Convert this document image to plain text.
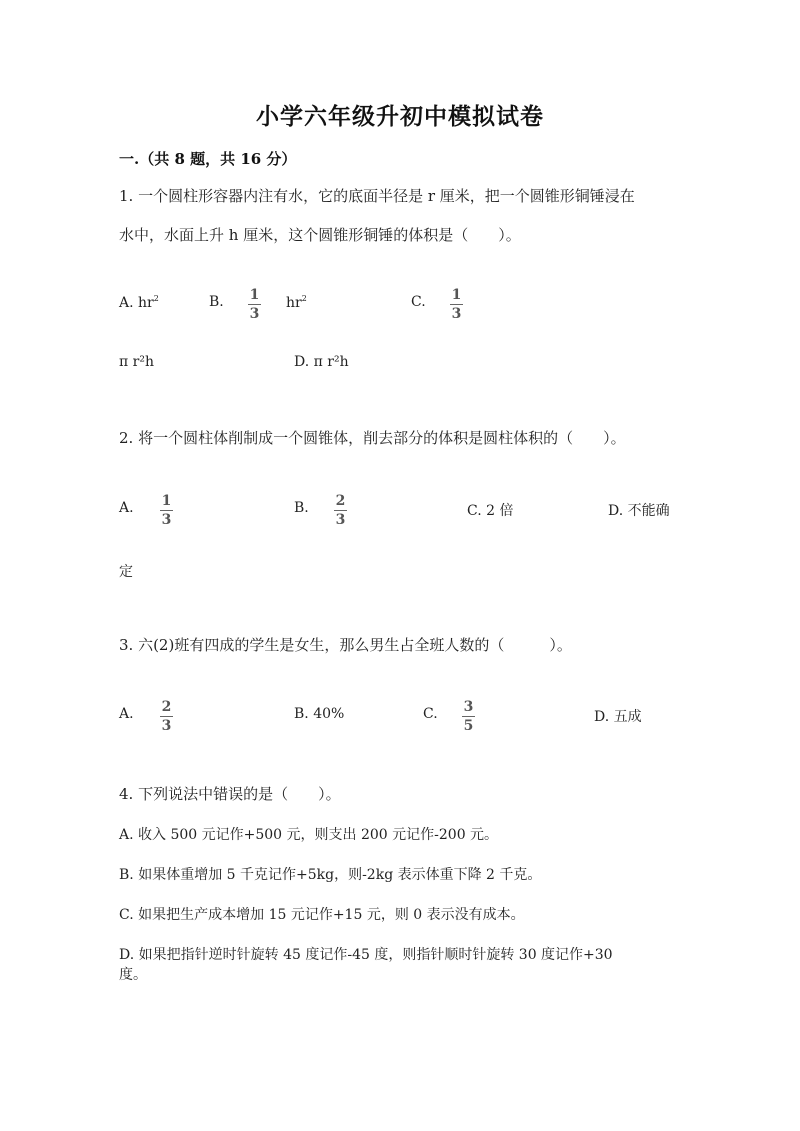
小学六年级升初中模拟试卷
一.（共 8 题，共 16 分）
1. 一个圆柱形容器内注有水，它的底面半径是 r 厘米，把一个圆锥形铜锤浸在
水中，水面上升 h 厘米，这个圆锥形铜锤的体积是（　　）。
A. $hr^2$	B. 1
3
$hr^2$	C. 1
3
π r²h	D. π r²h
2. 将一个圆柱体削制成一个圆锥体，削去部分的体积是圆柱体积的（　　）。
A. 1
3
B. 2
3
C. 2 倍	D. 不能确
定
3. 六(2)班有四成的学生是女生，那么男生占全班人数的（　　　）。
A. 2
3
B. 40%	C. 3
5
D. 五成
4. 下列说法中错误的是（　　）。
A. 收入 500 元记作+500 元，则支出 200 元记作-200 元。
B. 如果体重增加 5 千克记作+5kg，则-2kg 表示体重下降 2 千克。
C. 如果把生产成本增加 15 元记作+15 元，则 0 表示没有成本。
D. 如果把指针逆时针旋转 45 度记作-45 度，则指针顺时针旋转 30 度记作+30
度。
